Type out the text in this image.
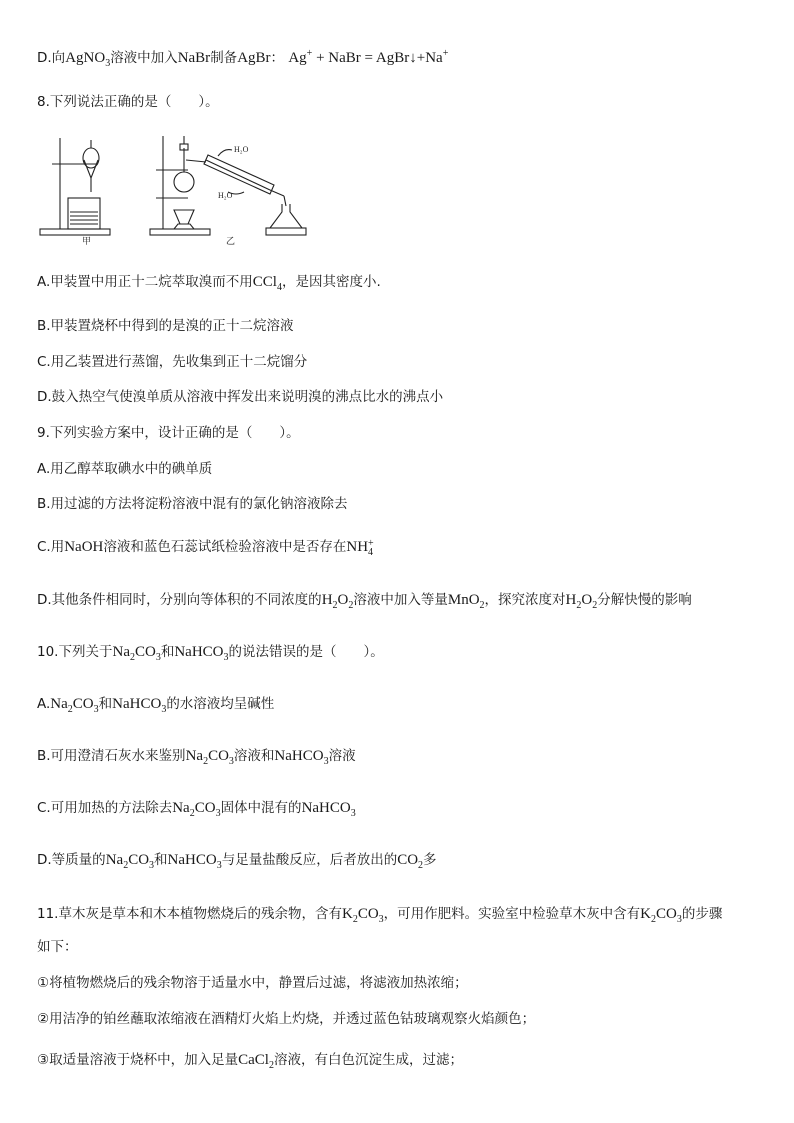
D.向AgNO$_3$溶液中加入NaBr制备AgBr： Ag+ + NaBr = AgBr↓+Na+
8.下列说法正确的是（　　）。
H₂O
H₂O
甲	乙
A.甲装置中用正十二烷萃取溴而不用CCl$_4$，是因其密度小.
B.甲装置烧杯中得到的是溴的正十二烷溶液
C.用乙装置进行蒸馏，先收集到正十二烷馏分
D.鼓入热空气使溴单质从溶液中挥发出来说明溴的沸点比水的沸点小
9.下列实验方案中，设计正确的是（　　）。
A.用乙醇萃取碘水中的碘单质
B.用过滤的方法将淀粉溶液中混有的氯化钠溶液除去
C.用NaOH溶液和蓝色石蕊试纸检验溶液中是否存在NH +
4
D.其他条件相同时，分别向等体积的不同浓度的$H_2O_2$溶液中加入等量MnO$_2$，探究浓度对$H_2O_2$分解快慢的影响
10.下列关于$Na_2CO_3$和NaHCO$_3$的说法错误的是（　　）。
$A.Na_2CO_3$和NaHCO$_3$的水溶液均呈碱性
B.可用澄清石灰水来鉴别$Na_2CO_3$溶液和NaHCO$_3$溶液
C.可用加热的方法除去$Na_2CO_3$固体中混有的NaHCO$_3$
D.等质量的$Na_2CO_3$和NaHCO$_3$与足量盐酸反应，后者放出的$CO_2$多
11.草木灰是草本和木本植物燃烧后的残余物，含有$K_2CO_3$，可用作肥料。实验室中检验草木灰中含有$K_2CO_3$的步骤
如下：
①将植物燃烧后的残余物溶于适量水中，静置后过滤，将滤液加热浓缩；
②用洁净的铂丝蘸取浓缩液在酒精灯火焰上灼烧，并透过蓝色钴玻璃观察火焰颜色；
③取适量溶液于烧杯中，加入足量CaCl$_2$溶液，有白色沉淀生成，过滤；
